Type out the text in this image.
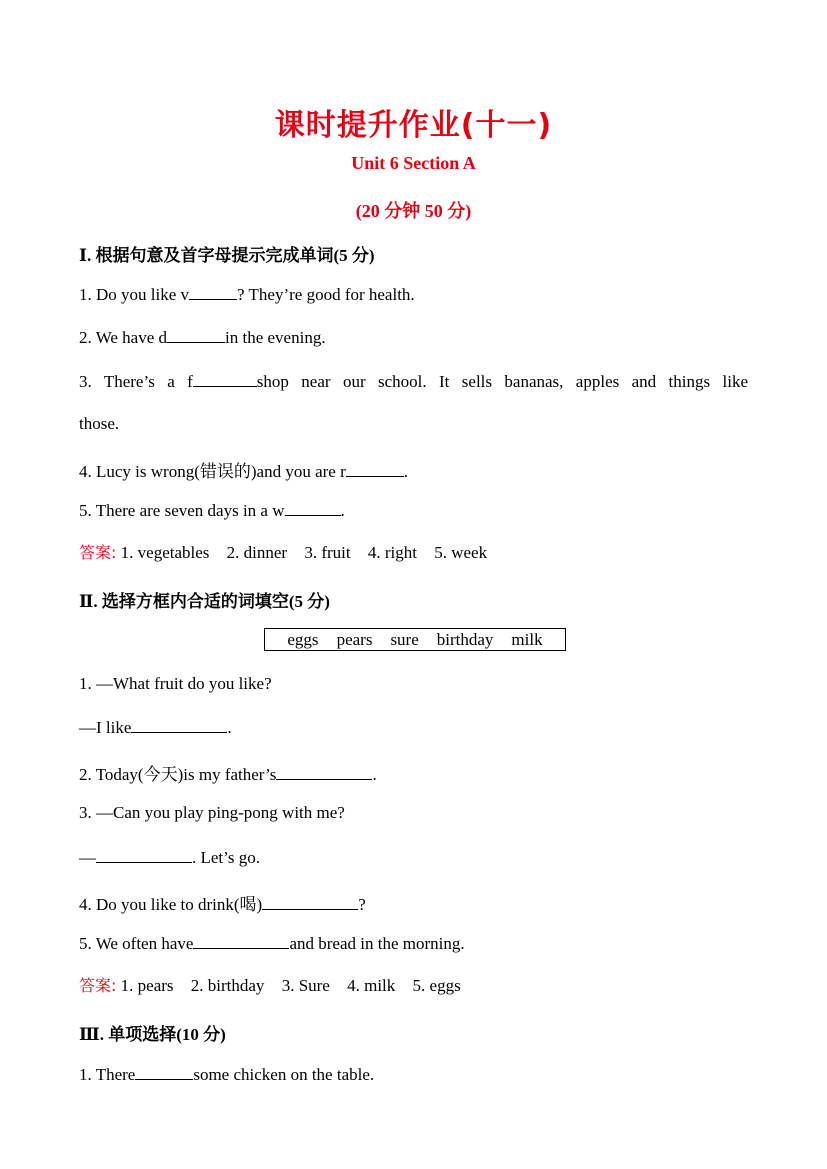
课时提升作业(十一)
Unit 6 Section A
(20 分钟 50 分)
Ⅰ. 根据句意及首字母提示完成单词(5 分)
1. Do you like v	? They’re good for health.
2. We have d	in the evening.
3. There’s a f	shop near our school. It sells bananas, apples and things like
those.
4. Lucy is wrong(错误的)and you are r	.
5. There are seven days in a w	.
答案: 1. vegetables 2. dinner 3. fruit 4. right 5. week
Ⅱ. 选择方框内合适的词填空(5 分)
eggs pears sure birthday milk
1. —What fruit do you like?
—I like	.
2. Today(今天)is my father’s	.
3. —Can you play ping-pong with me?
—	. Let’s go.
4. Do you like to drink(喝)	?
5. We often have	and bread in the morning.
答案: 1. pears 2. birthday 3. Sure 4. milk 5. eggs
Ⅲ. 单项选择(10 分)
1. There	some chicken on the table.
